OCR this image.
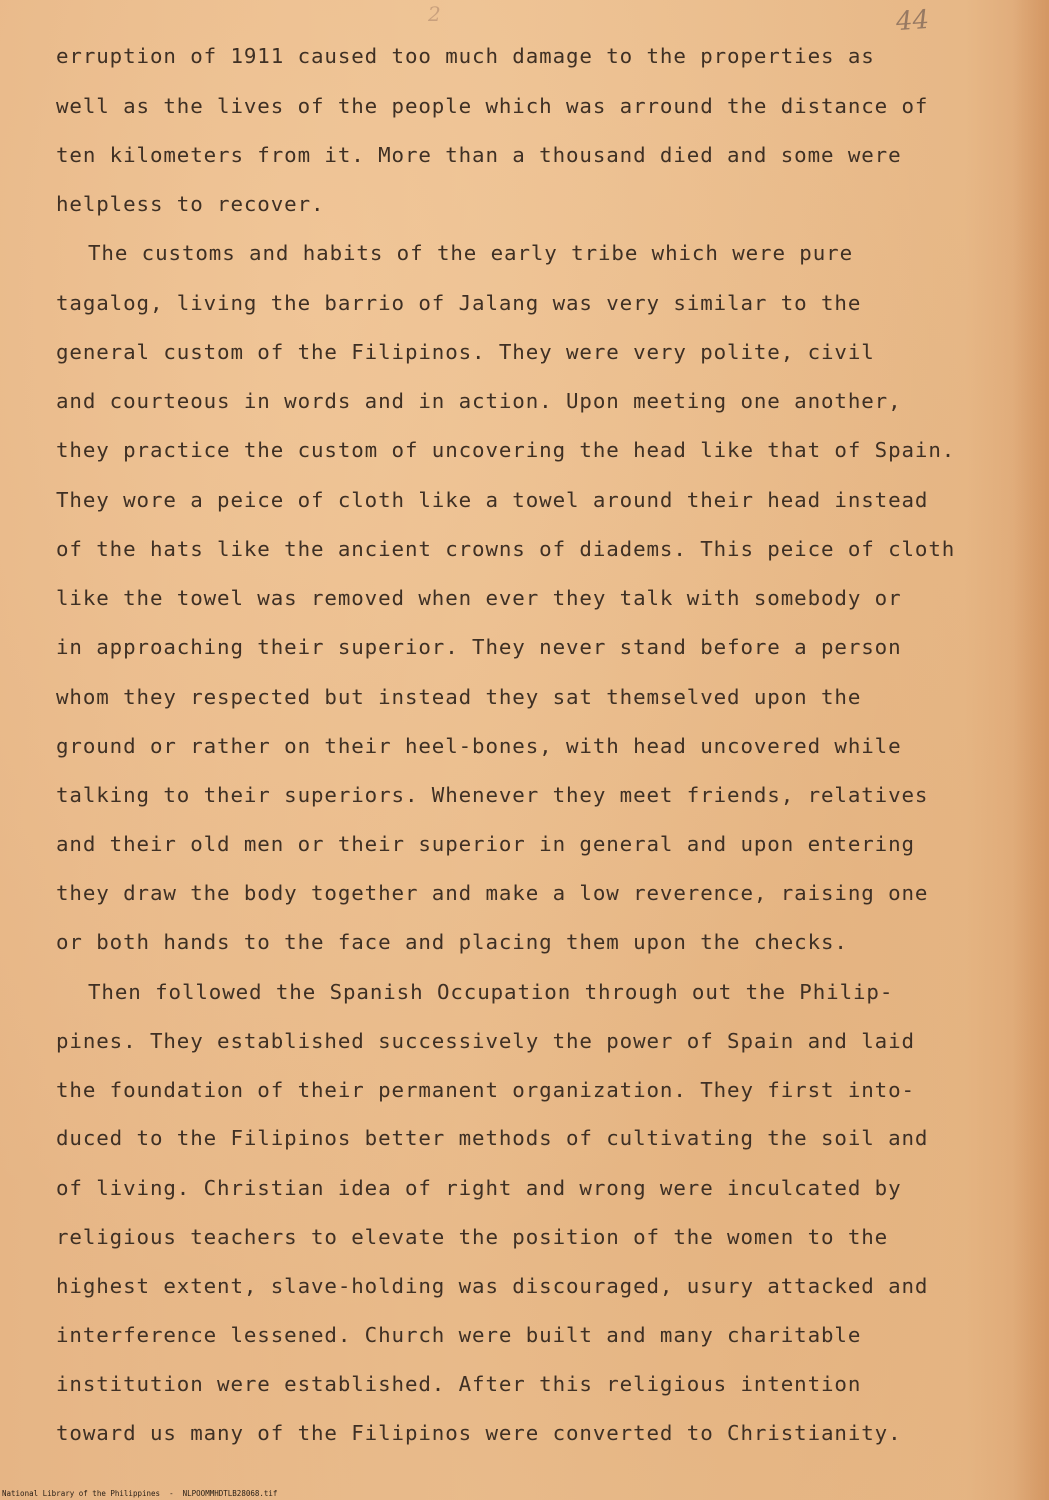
2	44
erruption of 1911 caused too much damage to the properties as
well as the lives of the people which was arround the distance of
ten kilometers from it. More than a thousand died and some were
helpless to recover.
The customs and habits of the early tribe which were pure
tagalog, living the barrio of Jalang was very similar to the
general custom of the Filipinos. They were very polite, civil
and courteous in words and in action. Upon meeting one another,
they practice the custom of uncovering the head like that of Spain.
They wore a peice of cloth like a towel around their head instead
of the hats like the ancient crowns of diadems. This peice of cloth
like the towel was removed when ever they talk with somebody or
in approaching their superior. They never stand before a person
whom they respected but instead they sat themselved upon the
ground or rather on their heel-bones, with head uncovered while
talking to their superiors. Whenever they meet friends, relatives
and their old men or their superior in general and upon entering
they draw the body together and make a low reverence, raising one
or both hands to the face and placing them upon the checks.
Then followed the Spanish Occupation through out the Philip-
pines. They established successively the power of Spain and laid
the foundation of their permanent organization. They first into-
duced to the Filipinos better methods of cultivating the soil and
of living. Christian idea of right and wrong were inculcated by
religious teachers to elevate the position of the women to the
highest extent, slave-holding was discouraged, usury attacked and
interference lessened. Church were built and many charitable
institution were established. After this religious intention
toward us many of the Filipinos were converted to Christianity.
National Library of the Philippines  -  NLPOOMMHDTLB28068.tif
